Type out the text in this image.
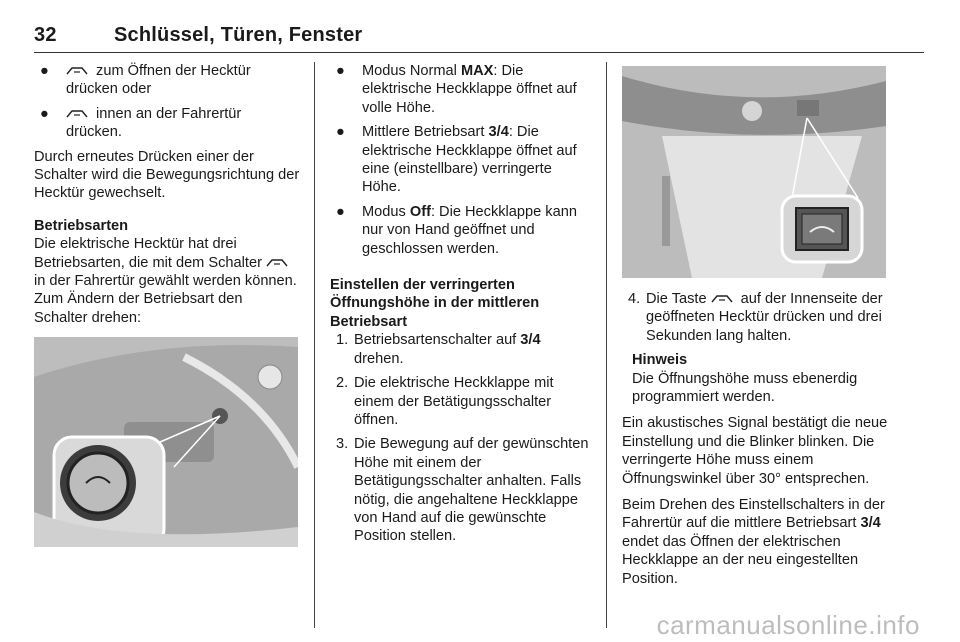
32	Schlüssel, Türen, Fenster
●	zum Öffnen der Hecktür drücken oder
●	innen an der Fahrertür drücken.

Durch erneutes Drücken einer der Schalter wird die Bewegungsrichtung der Hecktür gewechselt.

Betriebsarten

Die elektrische Hecktür hat drei Betriebsarten, die mit dem Schalter
in der Fahrertür gewählt werden können. Zum Ändern der Betriebsart den Schalter drehen:

● Modus Normal MAX: Die elektrische Heckklappe öffnet auf volle Höhe.
● Mittlere Betriebsart 3/4: Die elektrische Heckklappe öffnet auf eine (einstellbare) verringerte Höhe.
● Modus Off: Die Heckklappe kann nur von Hand geöffnet und geschlossen werden.
Einstellen der verringerten Öffnungshöhe in der mittleren Betriebsart
1. Betriebsartenschalter auf 3/4 drehen.
2. Die elektrische Heckklappe mit einem der Betätigungsschalter öffnen.
3. Die Bewegung auf der gewünschten Höhe mit einem der Betätigungsschalter anhalten. Falls nötig, die angehaltene Heckklappe von Hand auf die gewünschte Position stellen.
4. Die Taste
auf der Innenseite der geöffneten Hecktür drücken und drei Sekunden lang halten.
Hinweis

Die Öffnungshöhe muss ebenerdig programmiert werden.

Ein akustisches Signal bestätigt die neue Einstellung und die Blinker blinken. Die verringerte Höhe muss einem Öffnungswinkel über 30° entsprechen.

Beim Drehen des Einstellschalters in der Fahrertür auf die mittlere Betriebsart 3/4 endet das Öffnen der elektrischen Heckklappe an der neu eingestellten Position.

carmanualsonline.info
